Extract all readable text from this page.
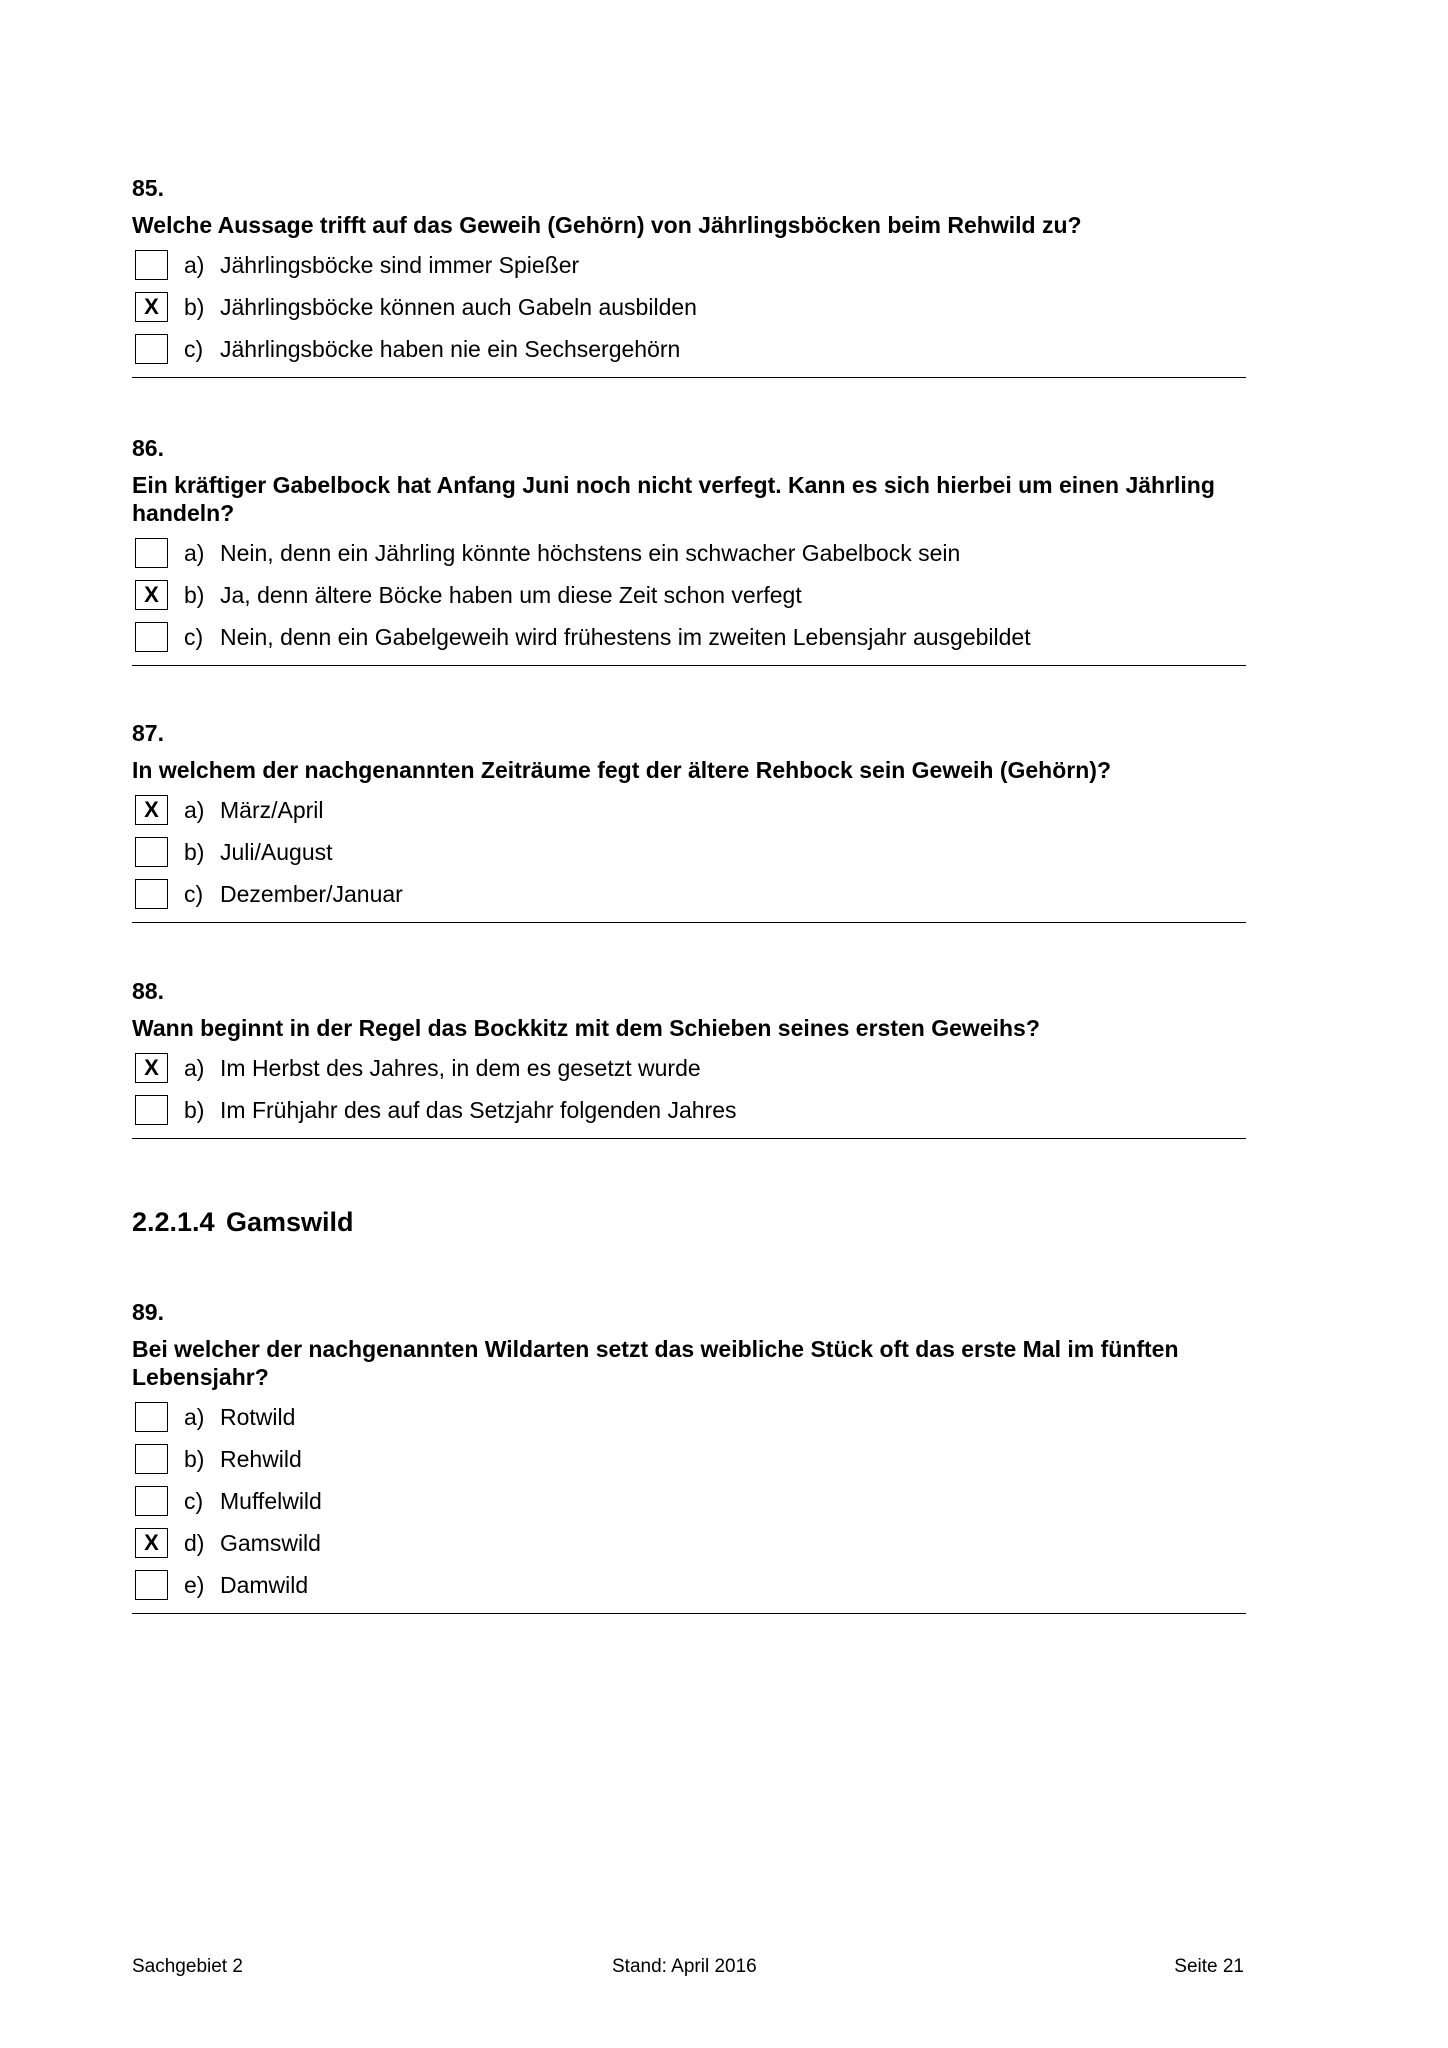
85.
Welche Aussage trifft auf das Geweih (Gehörn) von Jährlingsböcken beim Rehwild zu?
a) Jährlingsböcke sind immer Spießer
X	b) Jährlingsböcke können auch Gabeln ausbilden
c) Jährlingsböcke haben nie ein Sechsergehörn
86.
Ein kräftiger Gabelbock hat Anfang Juni noch nicht verfegt. Kann es sich hierbei um einen Jährling handeln?
a) Nein, denn ein Jährling könnte höchstens ein schwacher Gabelbock sein
X	b) Ja, denn ältere Böcke haben um diese Zeit schon verfegt
c) Nein, denn ein Gabelgeweih wird frühestens im zweiten Lebensjahr ausgebildet
87.
In welchem der nachgenannten Zeiträume fegt der ältere Rehbock sein Geweih (Gehörn)?
X	a) März/April
b) Juli/August
c) Dezember/Januar
88.
Wann beginnt in der Regel das Bockkitz mit dem Schieben seines ersten Geweihs?
X	a) Im Herbst des Jahres, in dem es gesetzt wurde
b) Im Frühjahr des auf das Setzjahr folgenden Jahres
2.2.1.4 Gamswild
89.
Bei welcher der nachgenannten Wildarten setzt das weibliche Stück oft das erste Mal im fünften Lebensjahr?
a) Rotwild
b) Rehwild
c) Muffelwild
X	d) Gamswild
e) Damwild
Sachgebiet 2	Stand: April 2016	Seite 21
